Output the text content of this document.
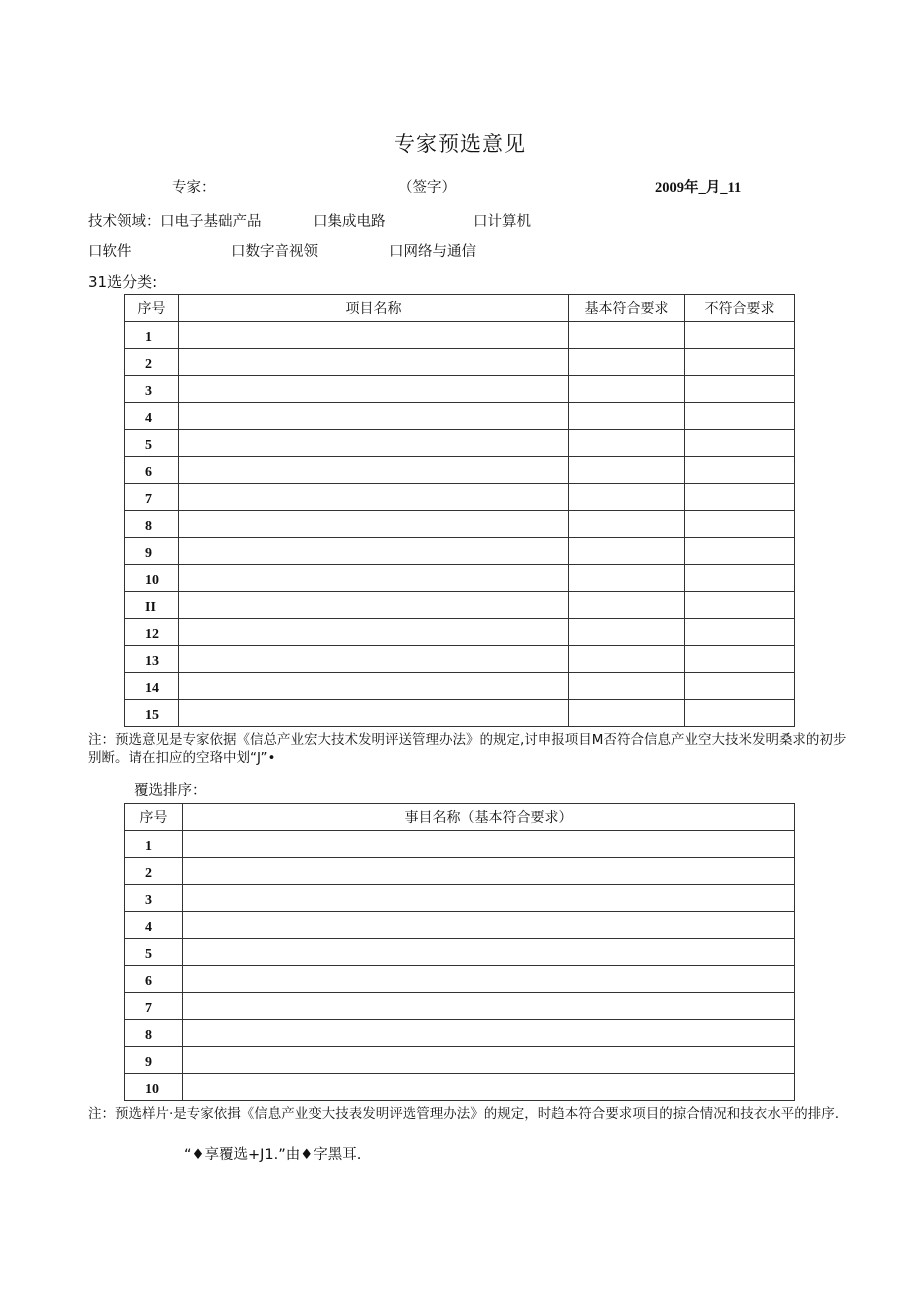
专家预选意见
专家：	（签字）	2009年_月_11
技术领域： 口电子基础产品	口集成电路	口计算机
口软件	口数字音视领	口网络与通信
31选分类:
序号	项目名称	基本符合要求	不符合要求
1			
2			
3			
4			
5			
6			
7			
8			
9			
10			
II			
12			
13			
14			
15			
注：预选意见是专家依据《信总产业宏大技术发明评送管理办法》的规定,讨申报项目M否符合信息产业空大技米发明桑求的初步别断。请在扣应的空珞中划“J”•
覆选排序：
序号	事目名称（基本符合要求）
1	
2	
3	
4	
5	
6	
7	
8	
9	
10	
注：预选样片·是专家依揖《信息产业变大技表发明评选管理办法》的规定，时趋本符合要求项目的掠合情况和技衣水平的排序.
“♦享覆选+J1.”由♦字黑耳.
